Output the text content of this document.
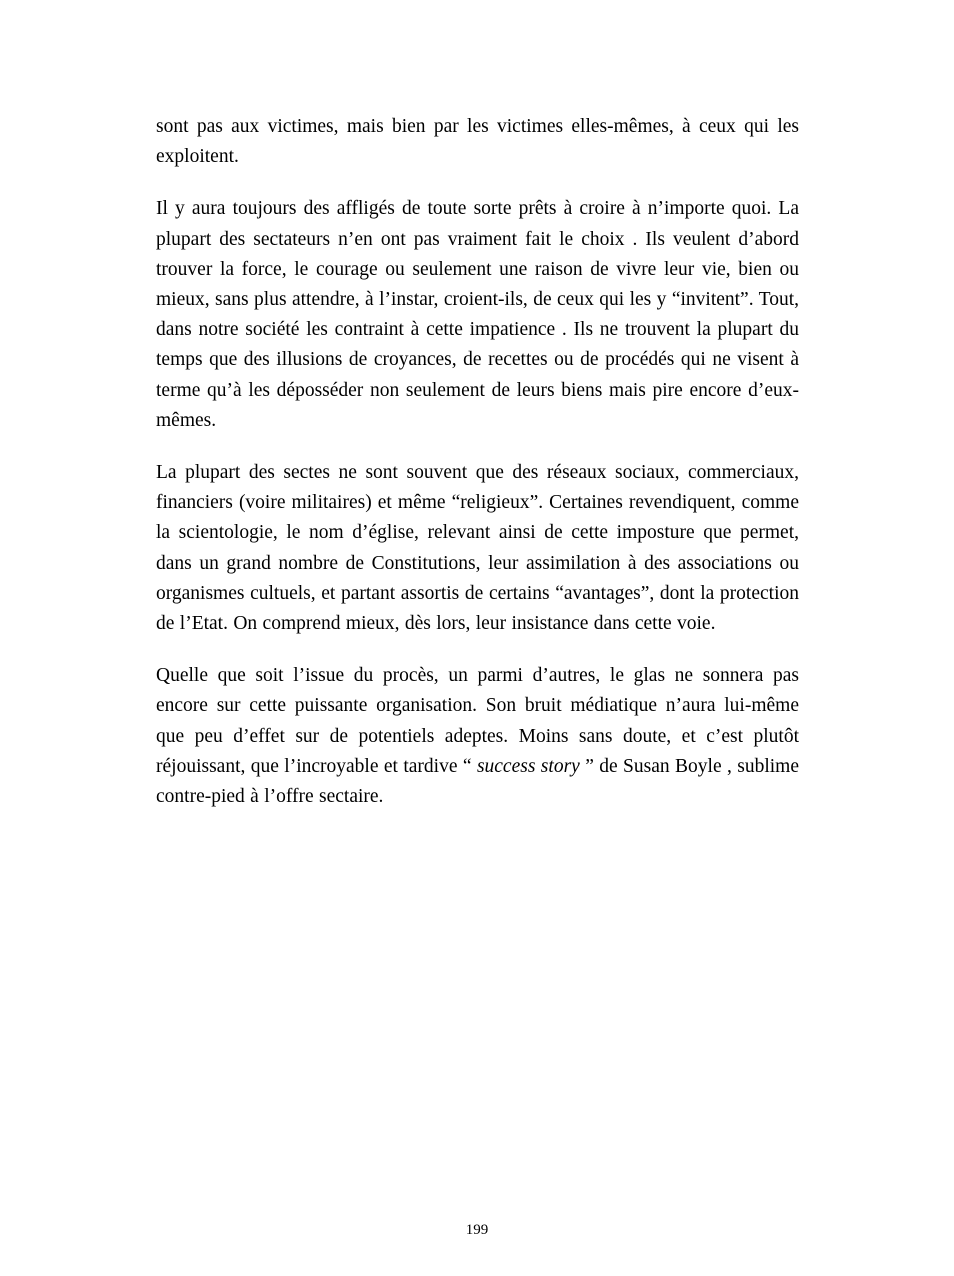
sont pas aux victimes, mais bien par les victimes elles-mêmes, à ceux qui les exploitent.

Il y aura toujours des affligés de toute sorte prêts à croire à n’importe quoi. La plupart des sectateurs n’en ont pas vraiment fait le choix . Ils veulent d’abord trouver la force, le courage ou seulement une raison de vivre leur vie, bien ou mieux, sans plus attendre, à l’instar, croient-ils, de ceux qui les y “invitent”. Tout, dans notre société les contraint à cette impatience . Ils ne trouvent la plupart du temps que des illusions de croyances, de recettes ou de procédés qui ne visent à terme qu’à les déposséder non seulement de leurs biens mais pire encore d’eux-mêmes.

La plupart des sectes ne sont souvent que des réseaux sociaux, commerciaux, financiers (voire militaires) et même “religieux”. Certaines revendiquent, comme la scientologie, le nom d’église, relevant ainsi de cette imposture que permet, dans un grand nombre de Constitutions, leur assimilation à des associations ou organismes cultuels, et partant assortis de certains “avantages”, dont la protection de l’Etat. On comprend mieux, dès lors, leur insistance dans cette voie.

Quelle que soit l’issue du procès, un parmi d’autres, le glas ne sonnera pas encore sur cette puissante organisation. Son bruit médiatique n’aura lui-même que peu d’effet sur de potentiels adeptes. Moins sans doute, et c’est plutôt réjouissant, que l’incroyable et tardive “ success story ” de Susan Boyle , sublime contre-pied à l’offre sectaire.

199
